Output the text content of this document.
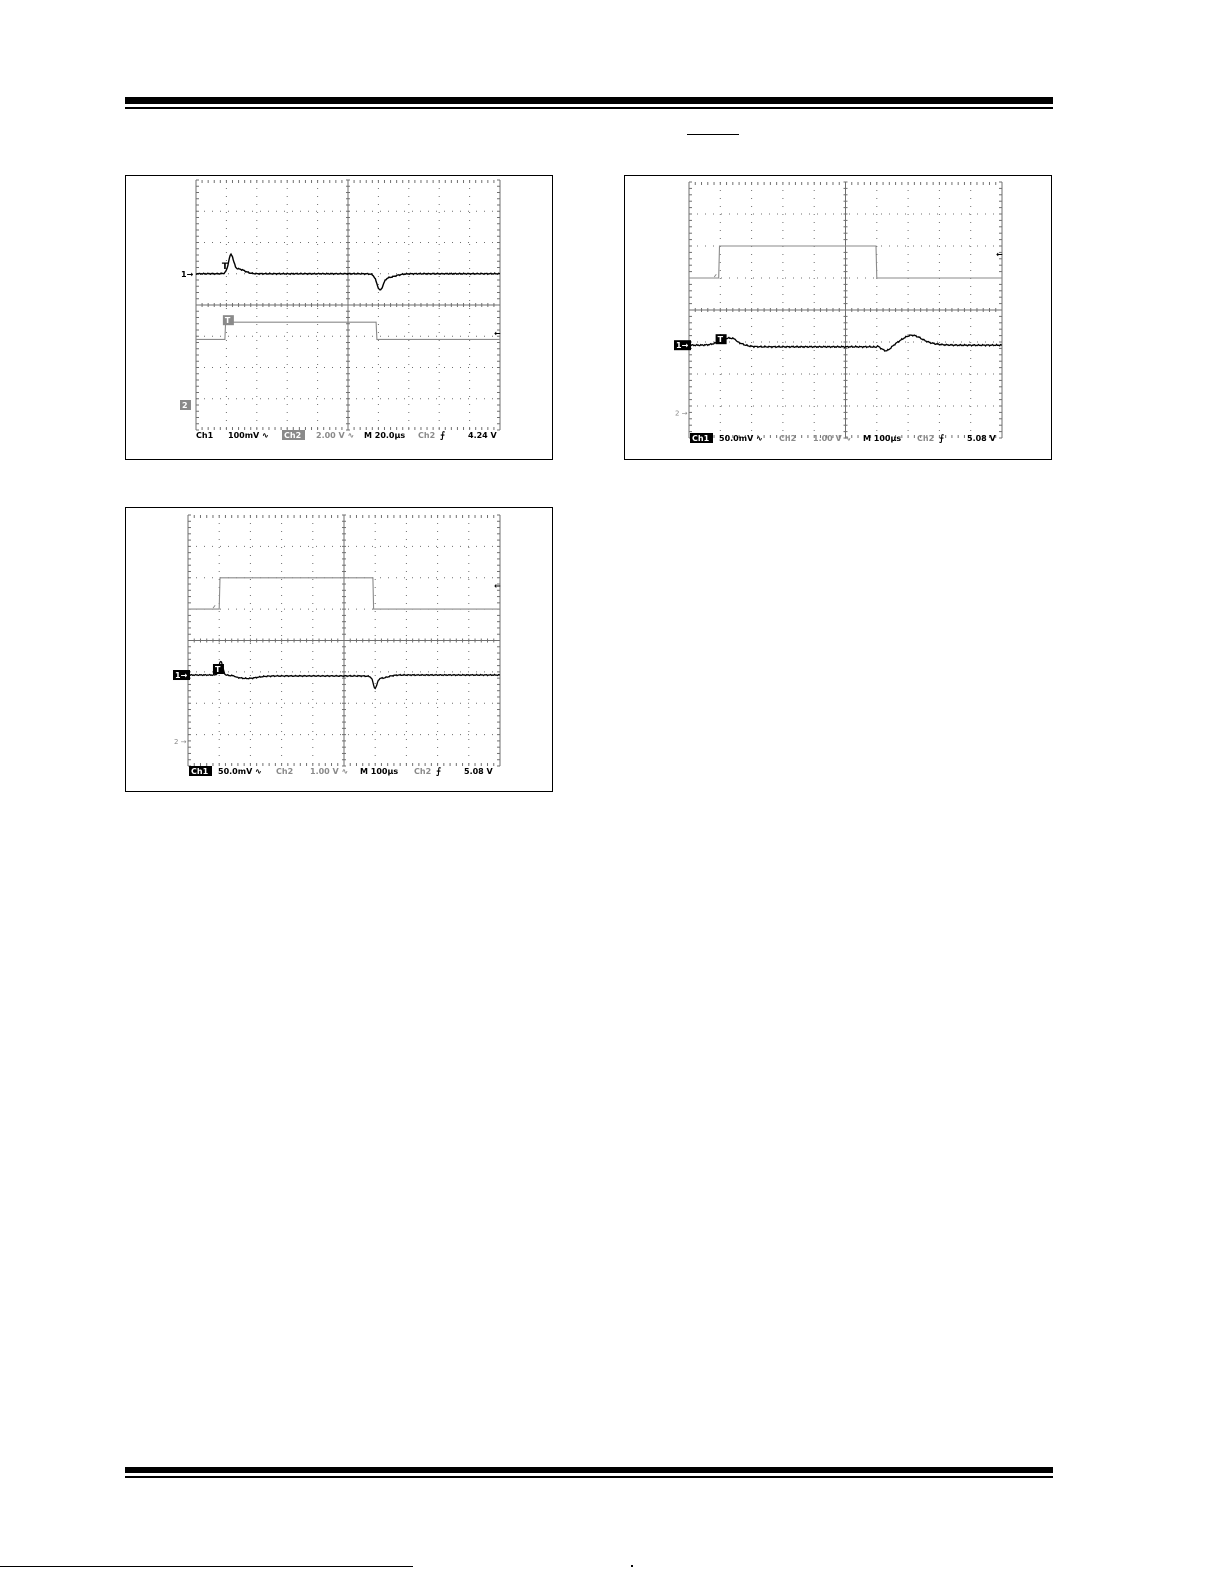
1→
2
T
T
←
Ch1 100mV ∿ Ch2 2.00 V ∿ M 20.0µs Ch2 ⨍	4.24 V
1→
2 →
T
ᐟ
←
Ch1 50.0mV ∿ Ch2 1.00 V ∿ M 100µs Ch2 ⨍	5.08 V
1→
2 →
T
ᐟ
←
Ch1 50.0mV ∿ Ch2 1.00 V ∿ M 100µs Ch2 ⨍	5.08 V
